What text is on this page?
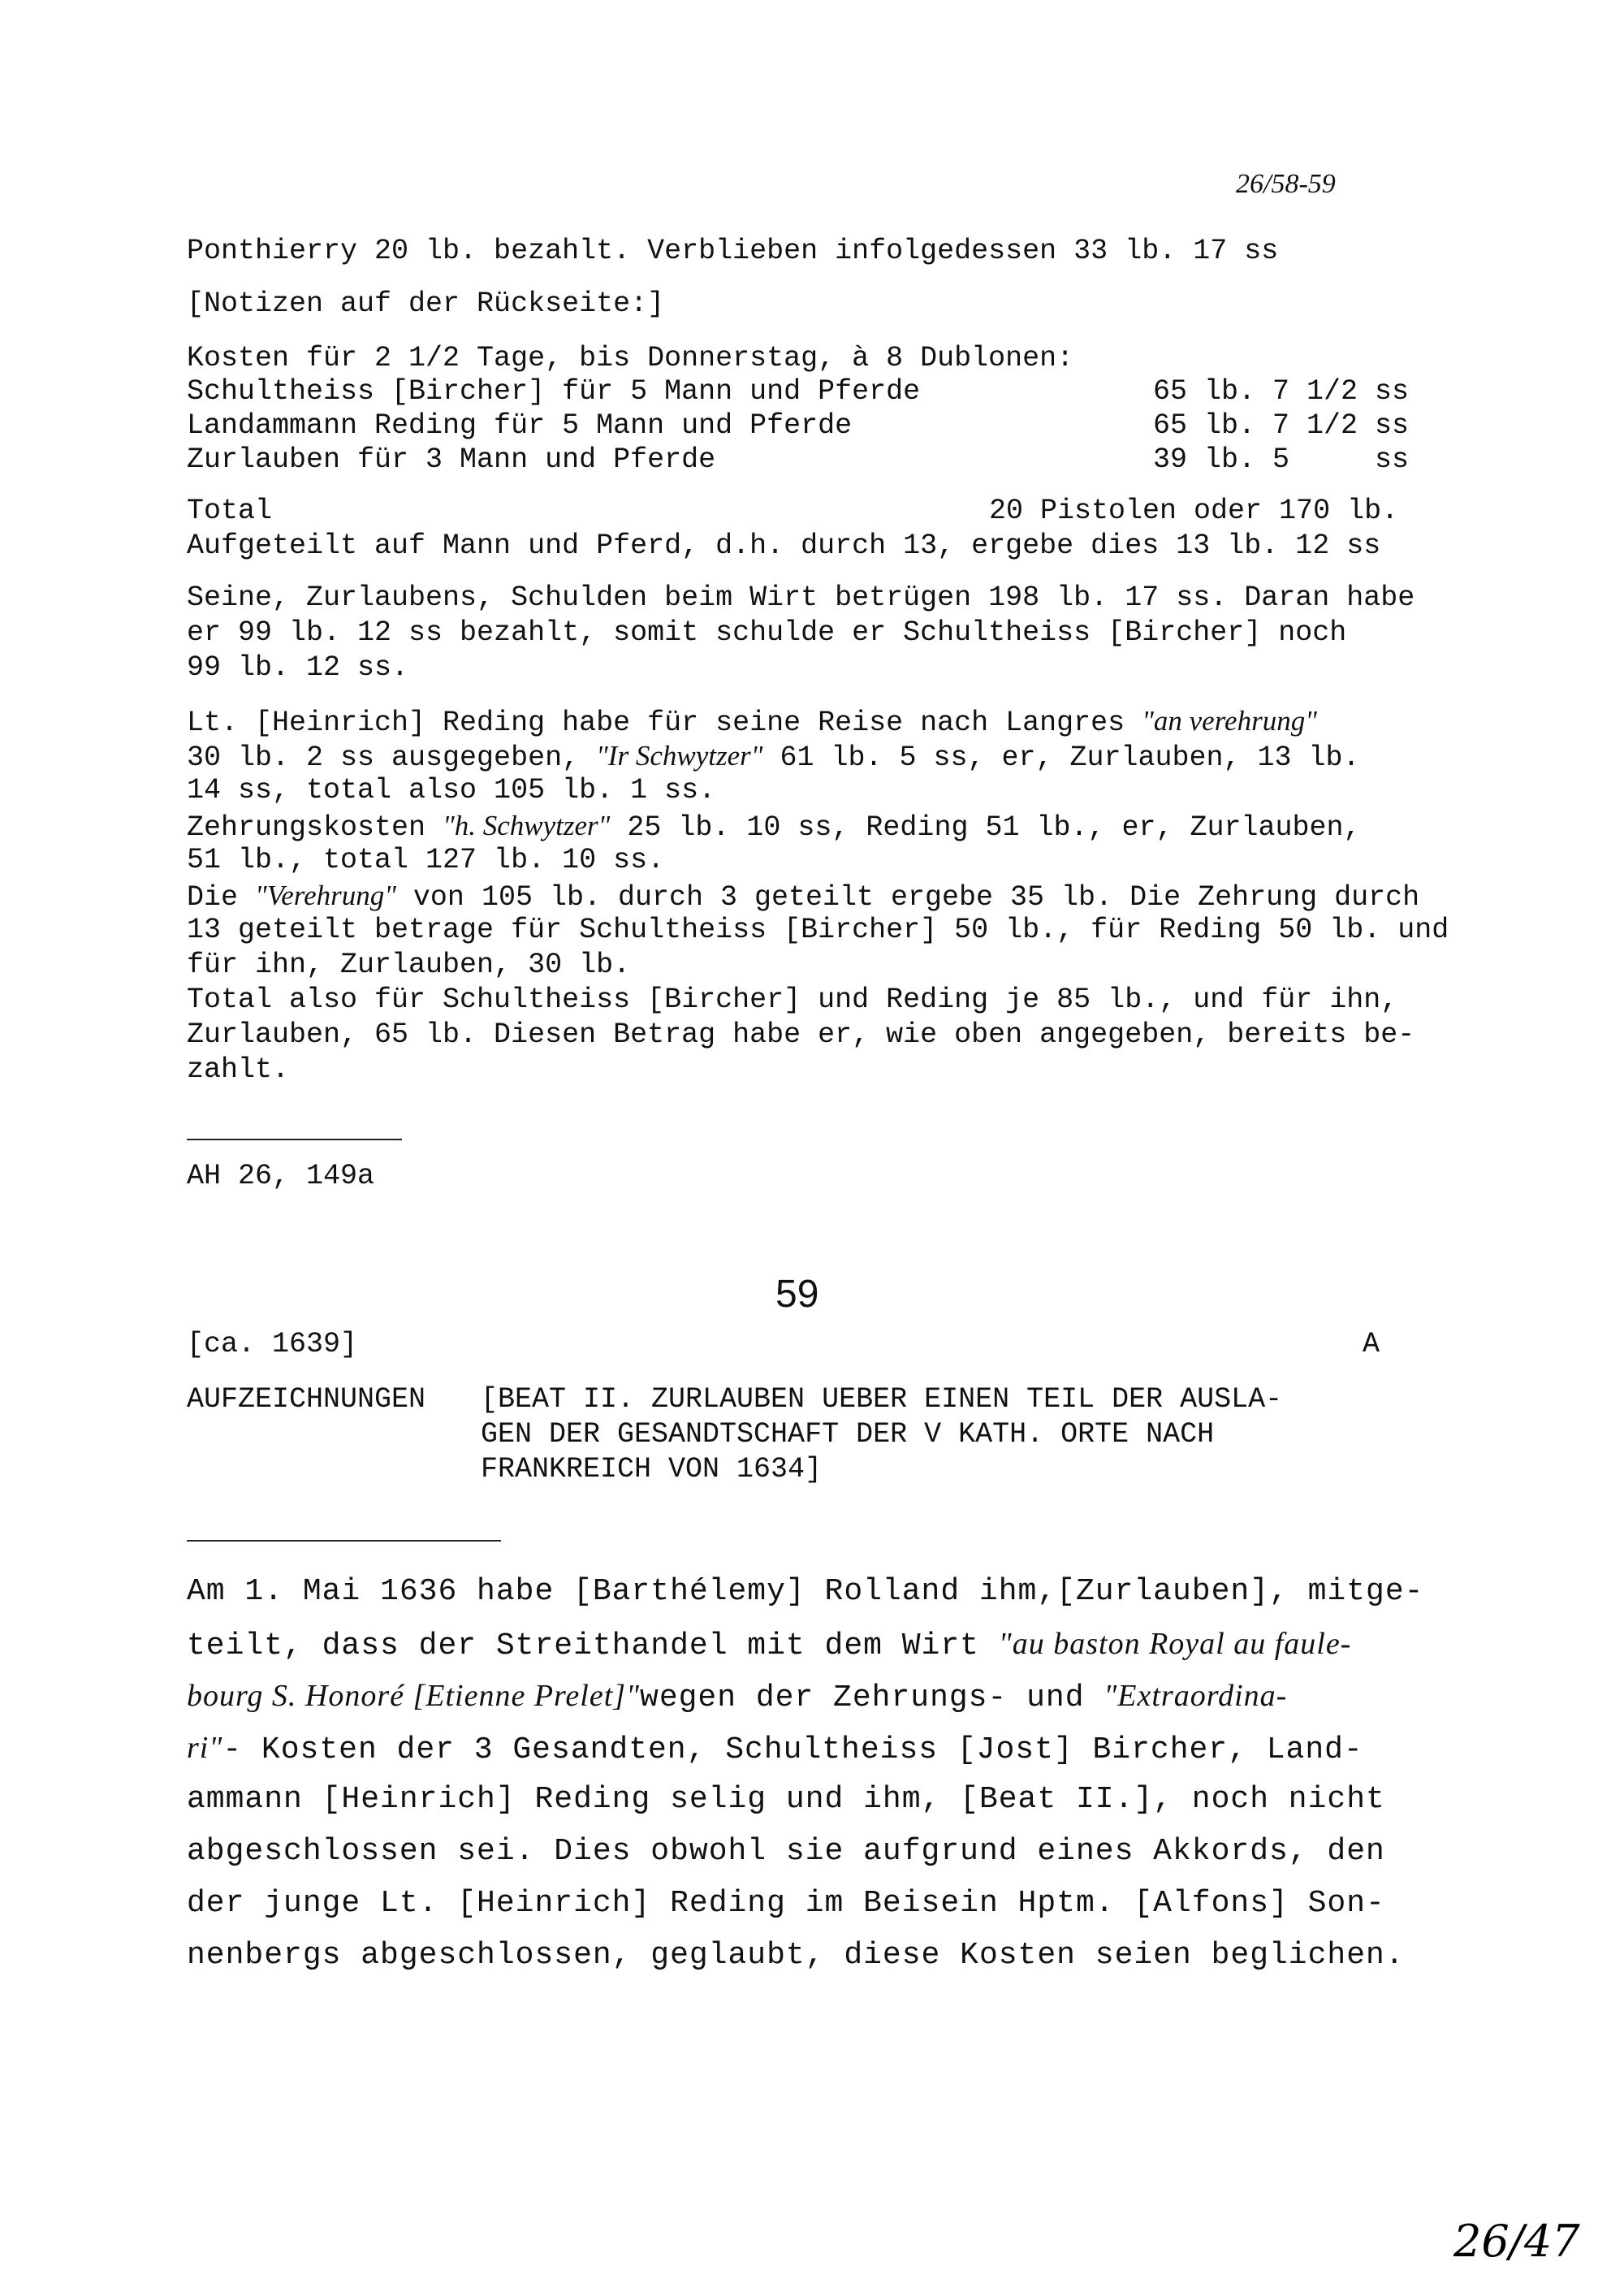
26/58-59
Ponthierry 20 lb. bezahlt. Verblieben infolgedessen 33 lb. 17 ss
[Notizen auf der Rückseite:]
Kosten für 2 1/2 Tage, bis Donnerstag, à 8 Dublonen:
Schultheiss [Bircher] für 5 Mann und Pferde	65 lb. 7 1/2 ss
Landammann Reding für 5 Mann und Pferde	65 lb. 7 1/2 ss
Zurlauben für 3 Mann und Pferde	39 lb. 5     ss
Total	20 Pistolen oder 170 lb.
Aufgeteilt auf Mann und Pferd, d.h. durch 13, ergebe dies 13 lb. 12 ss
Seine, Zurlaubens, Schulden beim Wirt betrügen 198 lb. 17 ss. Daran habe
er 99 lb. 12 ss bezahlt, somit schulde er Schultheiss [Bircher] noch
99 lb. 12 ss.
Lt. [Heinrich] Reding habe für seine Reise nach Langres "an verehrung"
30 lb. 2 ss ausgegeben, "Ir Schwytzer" 61 lb. 5 ss, er, Zurlauben, 13 lb.
14 ss, total also 105 lb. 1 ss.
Zehrungskosten "h. Schwytzer" 25 lb. 10 ss, Reding 51 lb., er, Zurlauben,
51 lb., total 127 lb. 10 ss.
Die "Verehrung" von 105 lb. durch 3 geteilt ergebe 35 lb. Die Zehrung durch
13 geteilt betrage für Schultheiss [Bircher] 50 lb., für Reding 50 lb. und
für ihn, Zurlauben, 30 lb.
Total also für Schultheiss [Bircher] und Reding je 85 lb., und für ihn,
Zurlauben, 65 lb. Diesen Betrag habe er, wie oben angegeben, bereits be-
zahlt.
AH 26, 149a
59
[ca. 1639]	A
AUFZEICHNUNGEN [BEAT II. ZURLAUBEN UEBER EINEN TEIL DER AUSLA-
GEN DER GESANDTSCHAFT DER V KATH. ORTE NACH
FRANKREICH VON 1634]
Am 1. Mai 1636 habe [Barthélemy] Rolland ihm,[Zurlauben], mitge-
teilt, dass der Streithandel mit dem Wirt "au baston Royal au faule-
bourg S. Honoré [Etienne Prelet]"wegen der Zehrungs- und "Extraordina-
ri"- Kosten der 3 Gesandten, Schultheiss [Jost] Bircher, Land-
ammann [Heinrich] Reding selig und ihm, [Beat II.], noch nicht
abgeschlossen sei. Dies obwohl sie aufgrund eines Akkords, den
der junge Lt. [Heinrich] Reding im Beisein Hptm. [Alfons] Son-
nenbergs abgeschlossen, geglaubt, diese Kosten seien beglichen.
26/47
